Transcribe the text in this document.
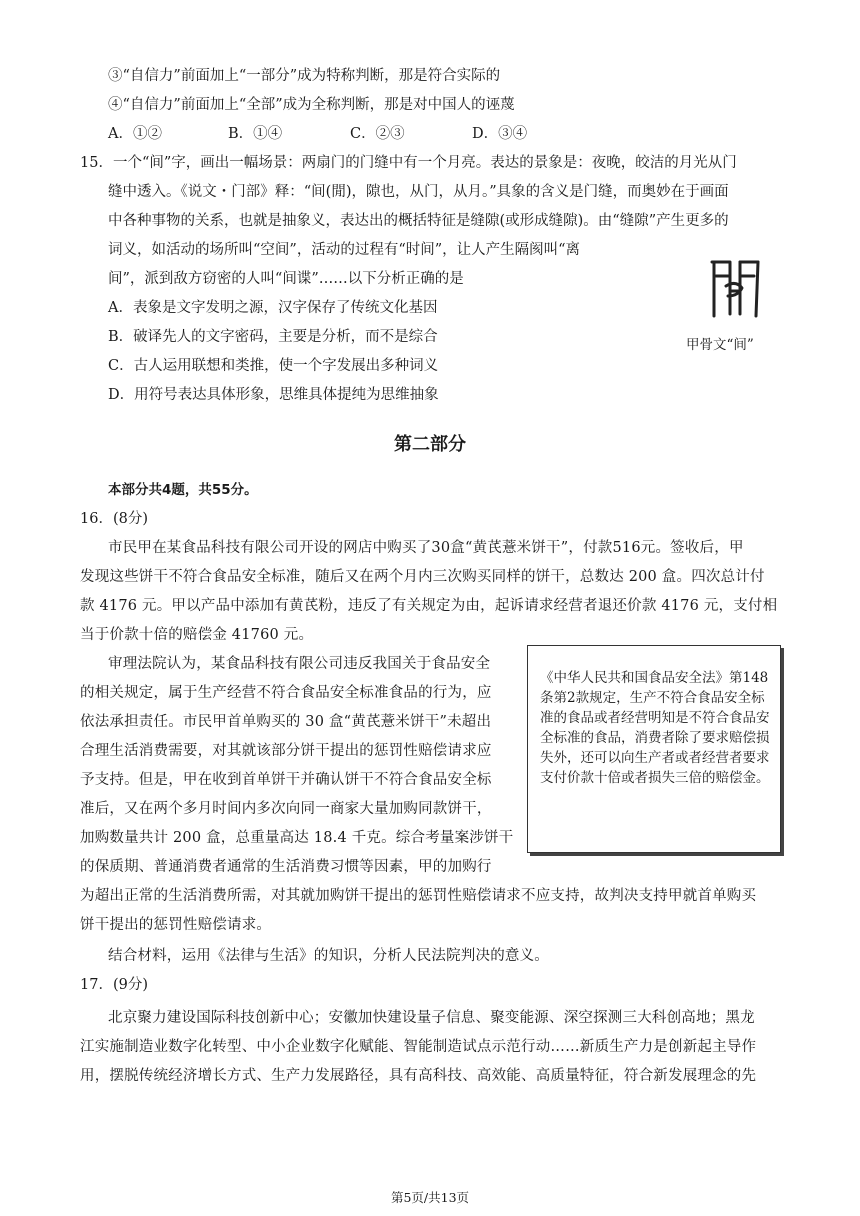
③“自信力”前面加上“一部分”成为特称判断，那是符合实际的
④“自信力”前面加上“全部”成为全称判断，那是对中国人的诬蔑
A．①②	B．①④	C．②③	D．③④
15．一个“间”字，画出一幅场景：两扇门的门缝中有一个月亮。表达的景象是：夜晚，皎洁的月光从门
缝中透入。《说文・门部》释：“间(閒)，隙也，从门，从月。”具象的含义是门缝，而奥妙在于画面
中各种事物的关系，也就是抽象义，表达出的概括特征是缝隙(或形成缝隙)。由“缝隙”产生更多的
词义，如活动的场所叫“空间”，活动的过程有“时间”，让人产生隔阂叫“离
间”，派到敌方窃密的人叫“间谍”……以下分析正确的是
A．表象是文字发明之源，汉字保存了传统文化基因
B．破译先人的文字密码，主要是分析，而不是综合
C．古人运用联想和类推，使一个字发展出多种词义
D．用符号表达具体形象，思维具体提纯为思维抽象
甲骨文“间”
第二部分
本部分共4题，共55分。
16．(8分)
市民甲在某食品科技有限公司开设的网店中购买了30盒“黄芪薏米饼干”，付款516元。签收后，甲
发现这些饼干不符合食品安全标准，随后又在两个月内三次购买同样的饼干，总数达 200 盒。四次总计付
款 4176 元。甲以产品中添加有黄芪粉，违反了有关规定为由，起诉请求经营者退还价款 4176 元，支付相
当于价款十倍的赔偿金 41760 元。
审理法院认为，某食品科技有限公司违反我国关于食品安全
的相关规定，属于生产经营不符合食品安全标准食品的行为，应
依法承担责任。市民甲首单购买的 30 盒“黄芪薏米饼干”未超出
合理生活消费需要，对其就该部分饼干提出的惩罚性赔偿请求应
予支持。但是，甲在收到首单饼干并确认饼干不符合食品安全标
准后，又在两个多月时间内多次向同一商家大量加购同款饼干，
加购数量共计 200 盒，总重量高达 18.4 千克。综合考量案涉饼干
的保质期、普通消费者通常的生活消费习惯等因素，甲的加购行
为超出正常的生活消费所需，对其就加购饼干提出的惩罚性赔偿请求不应支持，故判决支持甲就首单购买
饼干提出的惩罚性赔偿请求。
《中华人民共和国食品安全法》第148条第2款规定，生产不符合食品安全标准的食品或者经营明知是不符合食品安全标准的食品，消费者除了要求赔偿损失外，还可以向生产者或者经营者要求支付价款十倍或者损失三倍的赔偿金。
结合材料，运用《法律与生活》的知识，分析人民法院判决的意义。
17．(9分)
北京聚力建设国际科技创新中心；安徽加快建设量子信息、聚变能源、深空探测三大科创高地；黑龙
江实施制造业数字化转型、中小企业数字化赋能、智能制造试点示范行动……新质生产力是创新起主导作
用，摆脱传统经济增长方式、生产力发展路径，具有高科技、高效能、高质量特征，符合新发展理念的先
第5页/共13页
